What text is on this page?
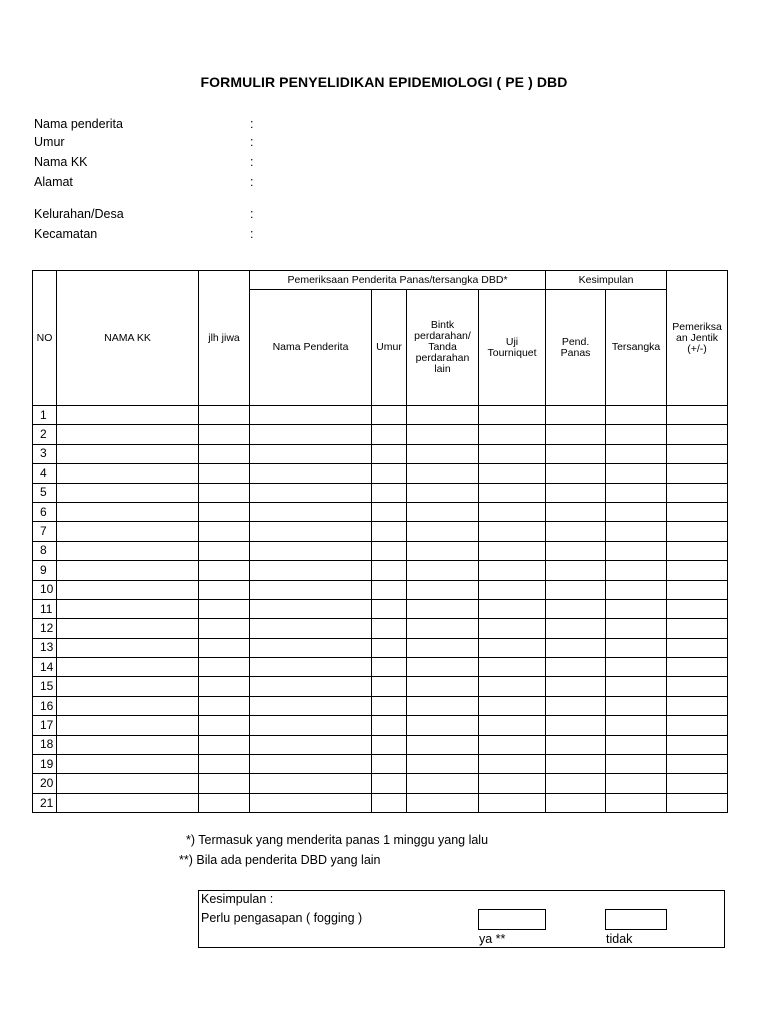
FORMULIR PENYELIDIKAN EPIDEMIOLOGI ( PE ) DBD
Nama penderita	:
Umur	:
Nama KK	:
Alamat	:
Kelurahan/Desa	:
Kecamatan	:
NO	NAMA KK	jlh jiwa	Pemeriksaan Penderita Panas/tersangka DBD*				Kesimpulan		Pemeriksa an Jentik (+/-)
			Nama Penderita	Umur	Bintk perdarahan/ Tanda perdarahan lain	Uji Tourniquet	Pend. Panas	Tersangka	
1									
2									
3									
4									
5									
6									
7									
8									
9									
10									
11									
12									
13									
14									
15									
16									
17									
18									
19									
20									
21									
*) Termasuk yang menderita panas 1 minggu yang lalu
**) Bila ada penderita DBD yang lain
Kesimpulan :
Perlu pengasapan ( fogging )
ya **	tidak
